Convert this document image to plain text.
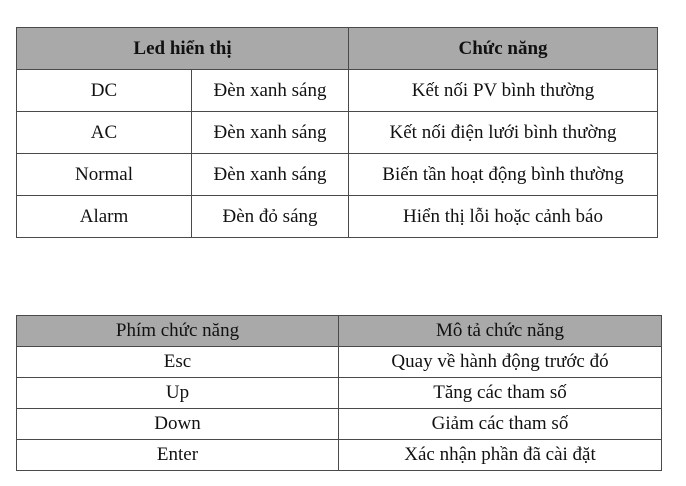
Led hiển thị		Chức năng
DC	Đèn xanh sáng	Kết nối PV bình thường
AC	Đèn xanh sáng	Kết nối điện lưới bình thường
Normal	Đèn xanh sáng	Biến tần hoạt động bình thường
Alarm	Đèn đỏ sáng	Hiển thị lỗi hoặc cảnh báo
Phím chức năng	Mô tả chức năng
Esc	Quay về hành động trước đó
Up	Tăng các tham số
Down	Giảm các tham số
Enter	Xác nhận phần đã cài đặt
